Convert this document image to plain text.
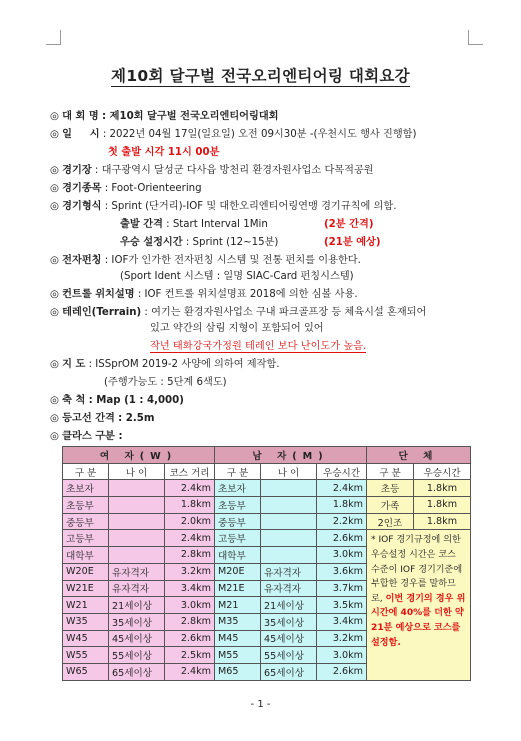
제10회 달구벌 전국오리엔티어링 대회요강
◎ 대 회 명 : 제10회 달구벌 전국오리엔티어링대회
◎ 일     시 : 2022년 04월 17일(일요일) 오전 09시30분 -(우천시도 행사 진행함)
첫 출발 시각 11시 00분
◎ 경기장 : 대구광역시 달성군 다사읍 방천리 환경자원사업소 다목적공원
◎ 경기종목 : Foot-Orienteering
◎ 경기형식 : Sprint (단거리)-IOF 및 대한오리엔티어링연맹 경기규칙에 의함.
출발 간격 : Start Interval 1Min	(2분 간격)
우승 설정시간 : Sprint (12~15분)	(21분 예상)
◎ 전자펀칭 : IOF가 인가한 전자펀칭 시스템 및 전통 펀치를 이용한다.
(Sport Ident 시스템 : 일명 SIAC-Card 펀칭시스템)
◎ 컨트롤 위치설명 : IOF 컨트롤 위치설명표 2018에 의한 심볼 사용.
◎ 테레인(Terrain) : 여기는 환경자원사업소 구내 파크골프장 등 체육시설 혼재되어
있고 약간의 삼림 지형이 포함되어 있어
작년 태화강국가정원 테레인 보다 난이도가 높음.
◎ 지 도 : ISSprOM 2019-2 사양에 의하여 제작함.
(주행가능도 : 5단계 6색도)
◎ 축 척 : Map (1 : 4,000)
◎ 등고선 간격 : 2.5m
◎ 클라스 구분 :
여 자(W)			남 자(M)			단 체	
구 분	나 이	코스 거리	구 분	나 이	우승시간	구 분	우승시간
초보자		2.4km	초보자		2.4km	초등	1.8km
초등부		1.8km	초등부		1.8km	가족	1.8km
중등부		2.0km	중등부		2.2km	2인조	1.8km
고등부		2.4km	고등부		2.6km	* IOF 경기규정에 의한 우승설정 시간은 코스 수준이 IOF 경기기준에 부합한 경우를 말하므로, 이번 경기의 경우 위 시간에 40%를 더한 약 21분 예상으로 코스를 설정함.	
대학부		2.8km	대학부		3.0km		
W20E	유자격자	3.2km	M20E	유자격자	3.6km		
W21E	유자격자	3.4km	M21E	유자격자	3.7km		
W21	21세이상	3.0km	M21	21세이상	3.5km		
W35	35세이상	2.8km	M35	35세이상	3.4km		
W45	45세이상	2.6km	M45	45세이상	3.2km		
W55	55세이상	2.5km	M55	55세이상	3.0km		
W65	65세이상	2.4km	M65	65세이상	2.6km		
- 1 -
